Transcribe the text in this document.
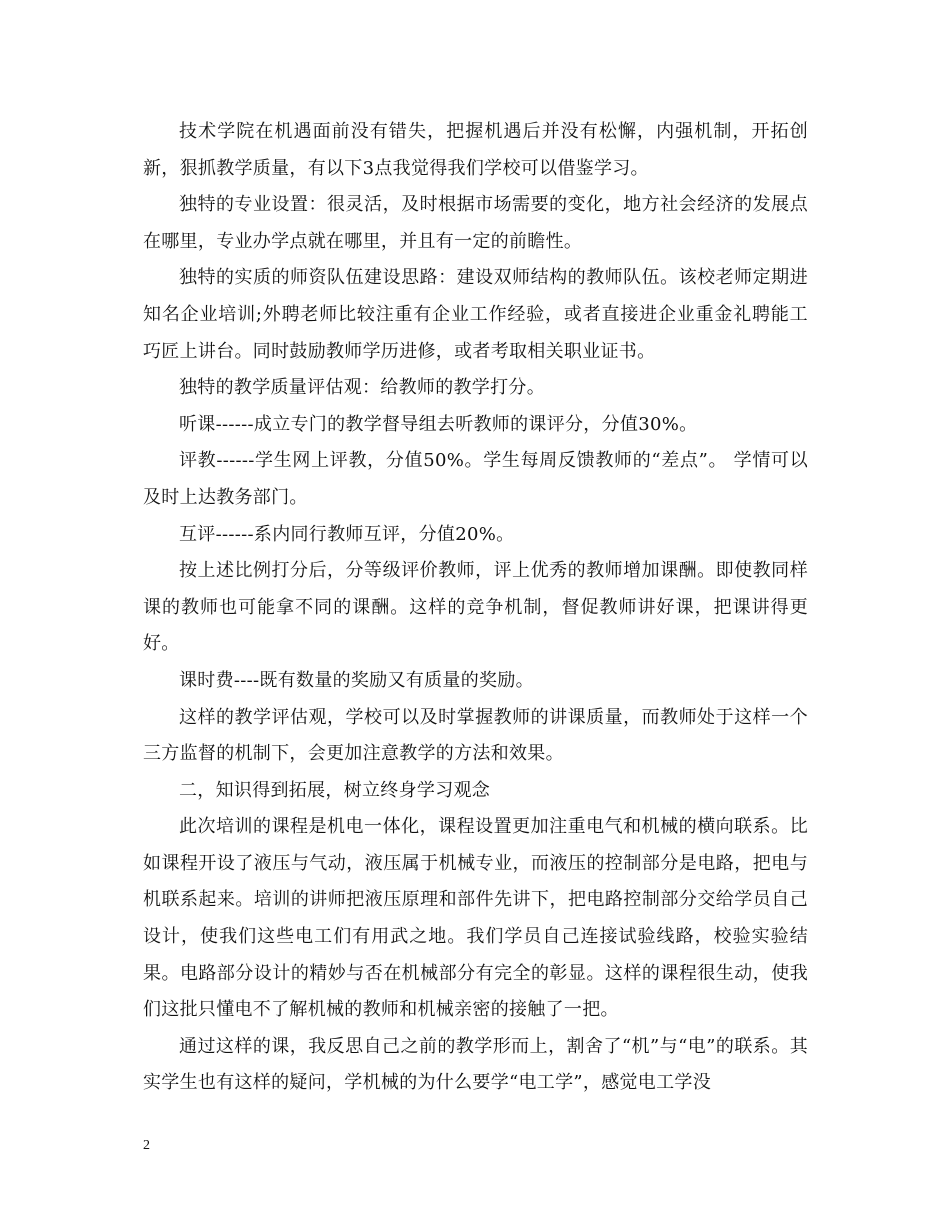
技术学院在机遇面前没有错失，把握机遇后并没有松懈，内强机制，开拓创新，狠抓教学质量，有以下3点我觉得我们学校可以借鉴学习。

独特的专业设置：很灵活，及时根据市场需要的变化，地方社会经济的发展点在哪里，专业办学点就在哪里，并且有一定的前瞻性。

独特的实质的师资队伍建设思路：建设双师结构的教师队伍。该校老师定期进知名企业培训;外聘老师比较注重有企业工作经验，或者直接进企业重金礼聘能工巧匠上讲台。同时鼓励教师学历进修，或者考取相关职业证书。

独特的教学质量评估观：给教师的教学打分。

听课------成立专门的教学督导组去听教师的课评分，分值30%。

评教------学生网上评教，分值50%。学生每周反馈教师的“差点”。 学情可以及时上达教务部门。

互评------系内同行教师互评，分值20%。

按上述比例打分后，分等级评价教师，评上优秀的教师增加课酬。即使教同样课的教师也可能拿不同的课酬。这样的竞争机制，督促教师讲好课，把课讲得更好。

课时费----既有数量的奖励又有质量的奖励。

这样的教学评估观，学校可以及时掌握教师的讲课质量，而教师处于这样一个三方监督的机制下，会更加注意教学的方法和效果。

二，知识得到拓展，树立终身学习观念

此次培训的课程是机电一体化，课程设置更加注重电气和机械的横向联系。比如课程开设了液压与气动，液压属于机械专业，而液压的控制部分是电路，把电与机联系起来。培训的讲师把液压原理和部件先讲下，把电路控制部分交给学员自己设计，使我们这些电工们有用武之地。我们学员自己连接试验线路，校验实验结果。电路部分设计的精妙与否在机械部分有完全的彰显。这样的课程很生动，使我们这批只懂电不了解机械的教师和机械亲密的接触了一把。

通过这样的课，我反思自己之前的教学形而上，割舍了“机”与“电”的联系。其实学生也有这样的疑问，学机械的为什么要学“电工学”，感觉电工学没

2
